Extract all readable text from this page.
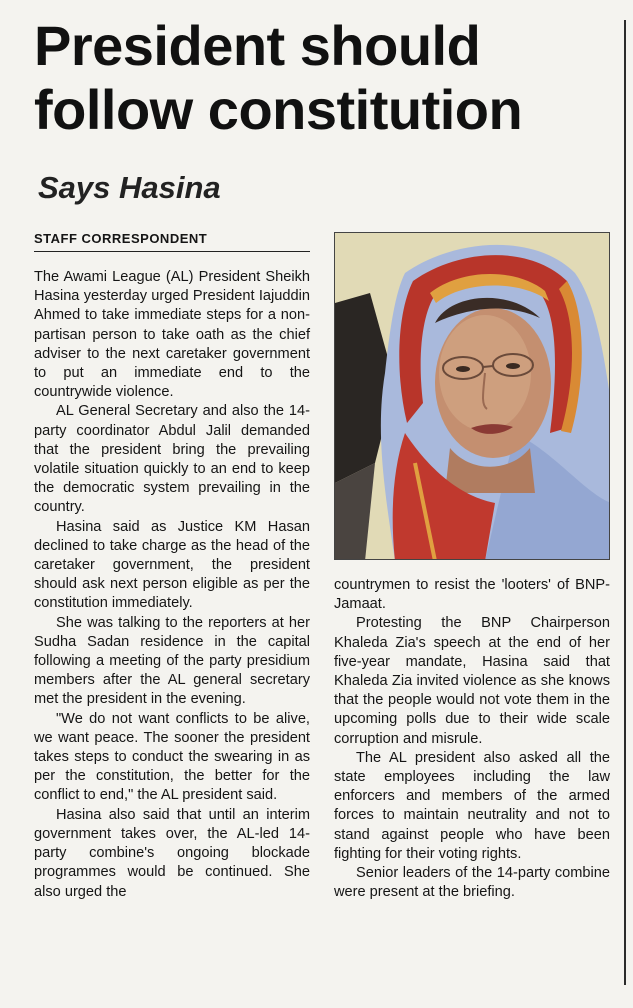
President should follow constitution
Says Hasina
STAFF CORRESPONDENT

The Awami League (AL) President Sheikh Hasina yesterday urged President Iajuddin Ahmed to take immediate steps for a non-partisan person to take oath as the chief adviser to the next caretaker government to put an immediate end to the countrywide violence.

AL General Secretary and also the 14-party coordinator Abdul Jalil demanded that the president bring the prevailing volatile situation quickly to an end to keep the democratic system prevailing in the country.

Hasina said as Justice KM Hasan declined to take charge as the head of the caretaker government, the president should ask next person eligible as per the constitution immediately.

She was talking to the reporters at her Sudha Sadan residence in the capital following a meeting of the party presidium members after the AL general secretary met the president in the evening.

"We do not want conflicts to be alive, we want peace. The sooner the president takes steps to conduct the swearing in as per the constitution, the better for the conflict to end," the AL president said.

Hasina also said that until an interim government takes over, the AL-led 14-party combine's ongoing blockade programmes would be continued. She also urged the

countrymen to resist the 'looters' of BNP-Jamaat.

Protesting the BNP Chairperson Khaleda Zia's speech at the end of her five-year mandate, Hasina said that Khaleda Zia invited violence as she knows that the people would not vote them in the upcoming polls due to their wide scale corruption and misrule.

The AL president also asked all the state employees including the law enforcers and members of the armed forces to maintain neutrality and not to stand against people who have been fighting for their voting rights.

Senior leaders of the 14-party combine were present at the briefing.
